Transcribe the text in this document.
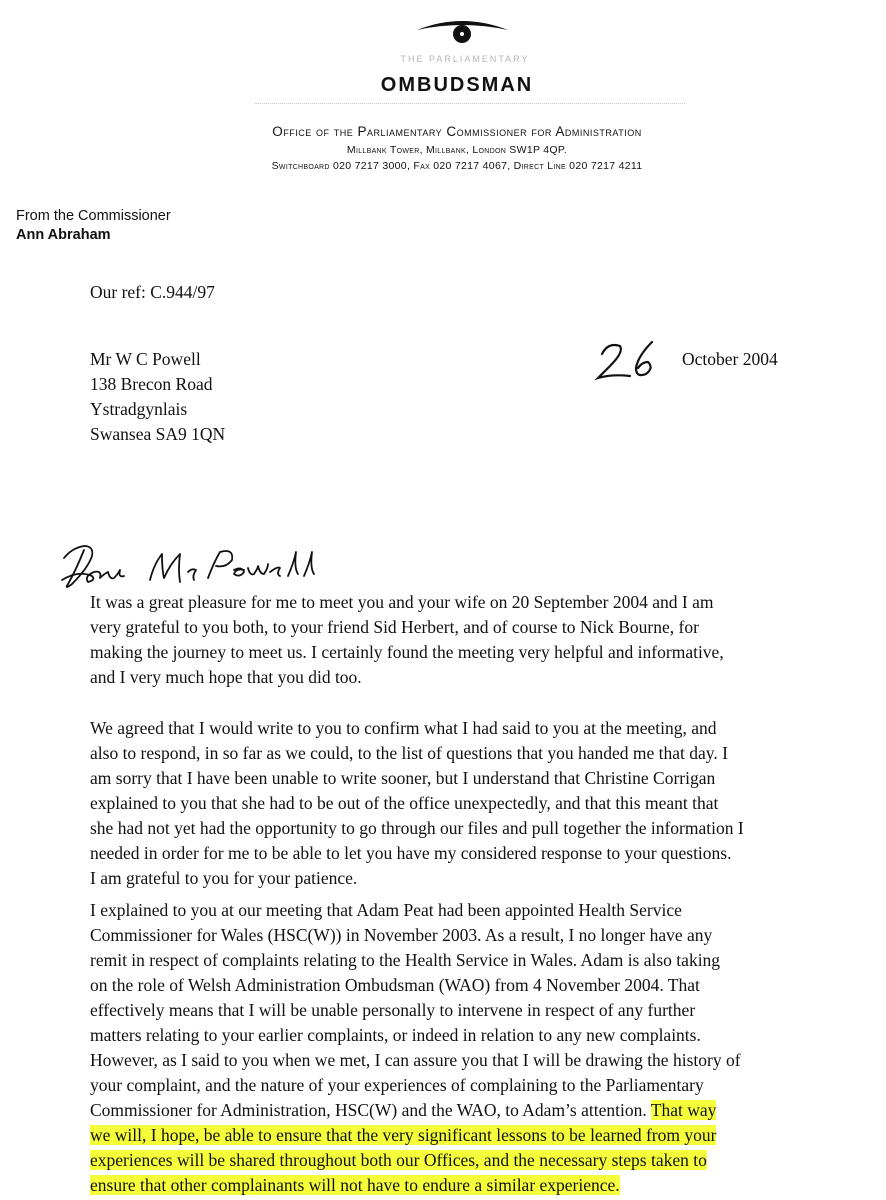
THE PARLIAMENTARY
OMBUDSMAN
Office of the Parliamentary Commissioner for Administration
Millbank Tower, Millbank, London SW1P 4QP.
Switchboard 020 7217 3000, Fax 020 7217 4067, Direct Line 020 7217 4211
From the Commissioner
Ann Abraham
Our ref: C.944/97
Mr W C Powell
138 Brecon Road
Ystradgynlais
Swansea SA9 1QN
October 2004
It was a great pleasure for me to meet you and your wife on 20 September 2004 and I am
very grateful to you both, to your friend Sid Herbert, and of course to Nick Bourne, for
making the journey to meet us. I certainly found the meeting very helpful and informative,
and I very much hope that you did too.
We agreed that I would write to you to confirm what I had said to you at the meeting, and
also to respond, in so far as we could, to the list of questions that you handed me that day. I
am sorry that I have been unable to write sooner, but I understand that Christine Corrigan
explained to you that she had to be out of the office unexpectedly, and that this meant that
she had not yet had the opportunity to go through our files and pull together the information I
needed in order for me to be able to let you have my considered response to your questions.
I am grateful to you for your patience.
I explained to you at our meeting that Adam Peat had been appointed Health Service
Commissioner for Wales (HSC(W)) in November 2003. As a result, I no longer have any
remit in respect of complaints relating to the Health Service in Wales. Adam is also taking
on the role of Welsh Administration Ombudsman (WAO) from 4 November 2004. That
effectively means that I will be unable personally to intervene in respect of any further
matters relating to your earlier complaints, or indeed in relation to any new complaints.
However, as I said to you when we met, I can assure you that I will be drawing the history of
your complaint, and the nature of your experiences of complaining to the Parliamentary
Commissioner for Administration, HSC(W) and the WAO, to Adam’s attention. That way
we will, I hope, be able to ensure that the very significant lessons to be learned from your
experiences will be shared throughout both our Offices, and the necessary steps taken to
ensure that other complainants will not have to endure a similar experience.
